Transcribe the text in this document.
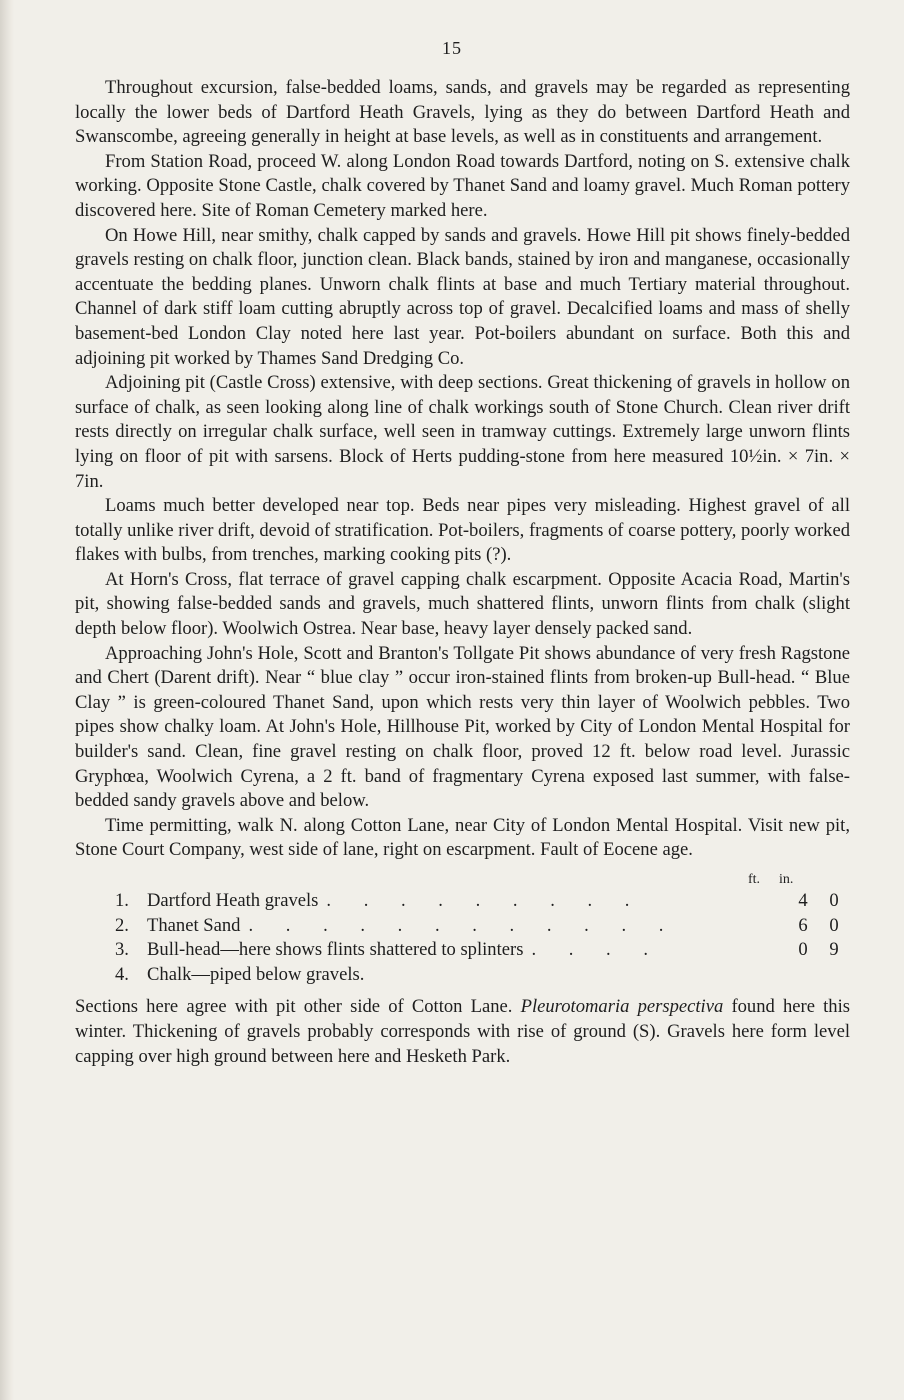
15

Throughout excursion, false-bedded loams, sands, and gravels may be regarded as representing locally the lower beds of Dartford Heath Gravels, lying as they do between Dartford Heath and Swanscombe, agreeing generally in height at base levels, as well as in constituents and arrangement.

From Station Road, proceed W. along London Road towards Dartford, noting on S. extensive chalk working. Opposite Stone Castle, chalk covered by Thanet Sand and loamy gravel. Much Roman pottery discovered here. Site of Roman Cemetery marked here.

On Howe Hill, near smithy, chalk capped by sands and gravels. Howe Hill pit shows finely-bedded gravels resting on chalk floor, junction clean. Black bands, stained by iron and manganese, occasionally accentuate the bedding planes. Unworn chalk flints at base and much Tertiary material throughout. Channel of dark stiff loam cutting abruptly across top of gravel. Decalcified loams and mass of shelly basement-bed London Clay noted here last year. Pot-boilers abundant on surface. Both this and adjoining pit worked by Thames Sand Dredging Co.

Adjoining pit (Castle Cross) extensive, with deep sections. Great thickening of gravels in hollow on surface of chalk, as seen looking along line of chalk workings south of Stone Church. Clean river drift rests directly on irregular chalk surface, well seen in tramway cuttings. Extremely large unworn flints lying on floor of pit with sarsens. Block of Herts pudding-stone from here measured 10½in. × 7in. × 7in.

Loams much better developed near top. Beds near pipes very misleading. Highest gravel of all totally unlike river drift, devoid of stratification. Pot-boilers, fragments of coarse pottery, poorly worked flakes with bulbs, from trenches, marking cooking pits (?).

At Horn's Cross, flat terrace of gravel capping chalk escarpment. Opposite Acacia Road, Martin's pit, showing false-bedded sands and gravels, much shattered flints, unworn flints from chalk (slight depth below floor). Woolwich Ostrea. Near base, heavy layer densely packed sand.

Approaching John's Hole, Scott and Branton's Tollgate Pit shows abundance of very fresh Ragstone and Chert (Darent drift). Near “ blue clay ” occur iron-stained flints from broken-up Bull-head. “ Blue Clay ” is green-coloured Thanet Sand, upon which rests very thin layer of Woolwich pebbles. Two pipes show chalky loam. At John's Hole, Hillhouse Pit, worked by City of London Mental Hospital for builder's sand. Clean, fine gravel resting on chalk floor, proved 12 ft. below road level. Jurassic Gryphœa, Woolwich Cyrena, a 2 ft. band of fragmentary Cyrena exposed last summer, with false-bedded sandy gravels above and below.

Time permitting, walk N. along Cotton Lane, near City of London Mental Hospital. Visit new pit, Stone Court Company, west side of lane, right on escarpment. Fault of Eocene age.

ft.	in.
1. Dartford Heath gravels . . . . . . . . .	4	0
2. Thanet Sand . . . . . . . . . . . .	6	0
3. Bull-head—here shows flints shattered to splinters . . . .	0	9
4. Chalk—piped below gravels.

Sections here agree with pit other side of Cotton Lane. Pleurotomaria perspectiva found here this winter. Thickening of gravels probably corresponds with rise of ground (S). Gravels here form level capping over high ground between here and Hesketh Park.
